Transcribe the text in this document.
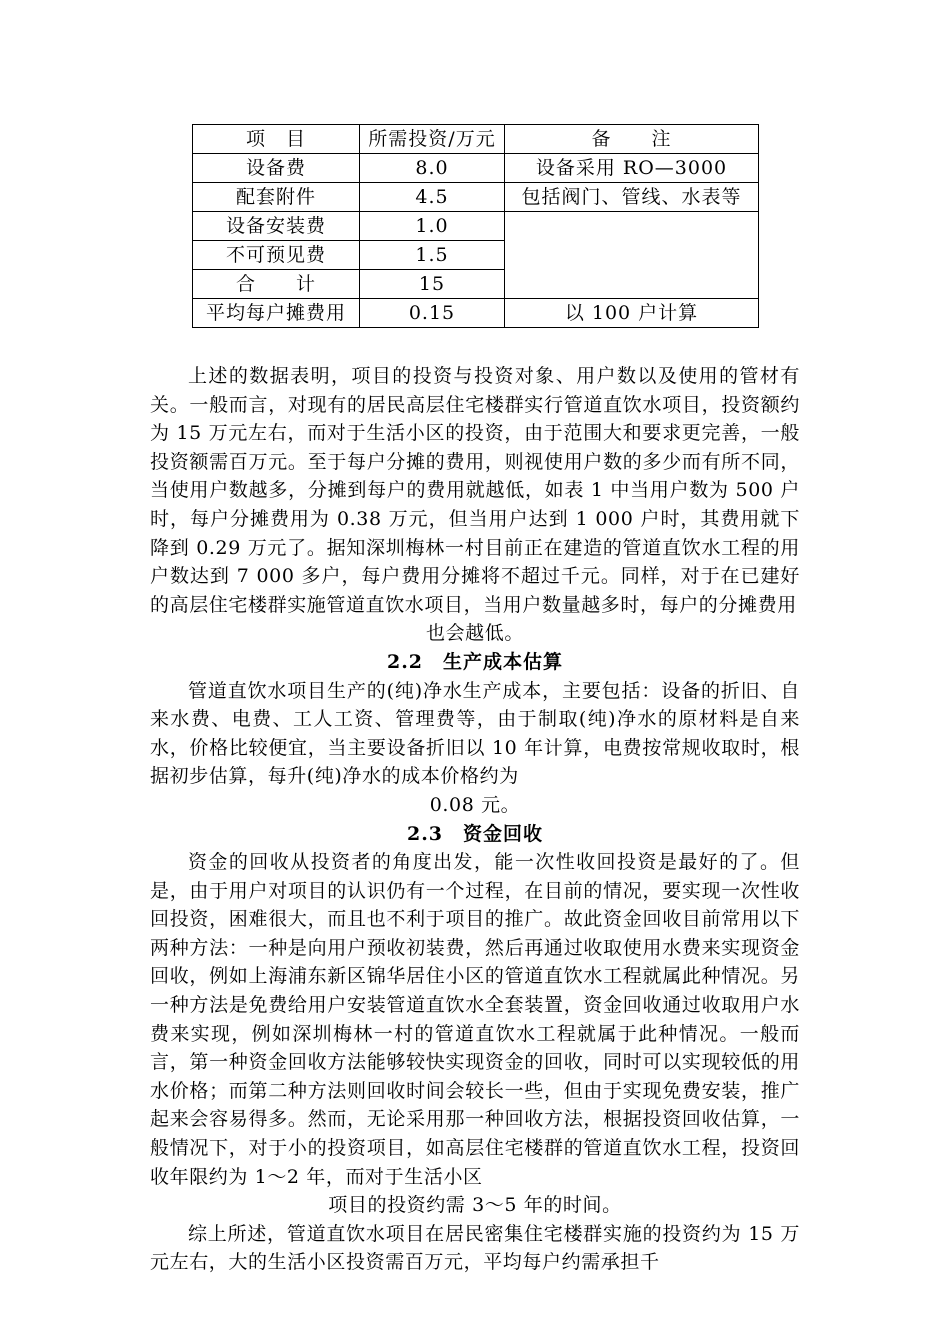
项　目	所需投资/万元	备　　注
设备费	8.0	设备采用 RO—3000
配套附件	4.5	包括阀门、管线、水表等
设备安装费	1.0	
不可预见费	1.5	
合　　计	15	
平均每户摊费用	0.15	以 100 户计算

上述的数据表明，项目的投资与投资对象、用户数以及使用的管材有关。一般而言，对现有的居民高层住宅楼群实行管道直饮水项目，投资额约为 15 万元左右，而对于生活小区的投资，由于范围大和要求更完善，一般投资额需百万元。至于每户分摊的费用，则视使用户数的多少而有所不同，当使用户数越多，分摊到每户的费用就越低，如表 1 中当用户数为 500 户时，每户分摊费用为 0.38 万元，但当用户达到 1 000 户时，其费用就下降到 0.29 万元了。据知深圳梅林一村目前正在建造的管道直饮水工程的用户数达到 7 000 多户，每户费用分摊将不超过千元。同样，对于在已建好的高层住宅楼群实施管道直饮水项目，当用户数量越多时，每户的分摊费用
也会越低。

2.2　生产成本估算

管道直饮水项目生产的(纯)净水生产成本，主要包括：设备的折旧、自来水费、电费、工人工资、管理费等，由于制取(纯)净水的原材料是自来水，价格比较便宜，当主要设备折旧以 10 年计算，电费按常规收取时，根据初步估算，每升(纯)净水的成本价格约为
0.08 元。

2.3　资金回收

资金的回收从投资者的角度出发，能一次性收回投资是最好的了。但是，由于用户对项目的认识仍有一个过程，在目前的情况，要实现一次性收回投资，困难很大，而且也不利于项目的推广。故此资金回收目前常用以下两种方法：一种是向用户预收初装费，然后再通过收取使用水费来实现资金回收，例如上海浦东新区锦华居住小区的管道直饮水工程就属此种情况。另一种方法是免费给用户安装管道直饮水全套装置，资金回收通过收取用户水费来实现，例如深圳梅林一村的管道直饮水工程就属于此种情况。一般而言，第一种资金回收方法能够较快实现资金的回收，同时可以实现较低的用水价格；而第二种方法则回收时间会较长一些，但由于实现免费安装，推广起来会容易得多。然而，无论采用那一种回收方法，根据投资回收估算，一般情况下，对于小的投资项目，如高层住宅楼群的管道直饮水工程，投资回收年限约为 1～2 年，而对于生活小区
项目的投资约需 3～5 年的时间。

综上所述，管道直饮水项目在居民密集住宅楼群实施的投资约为 15 万元左右，大的生活小区投资需百万元，平均每户约需承担千
